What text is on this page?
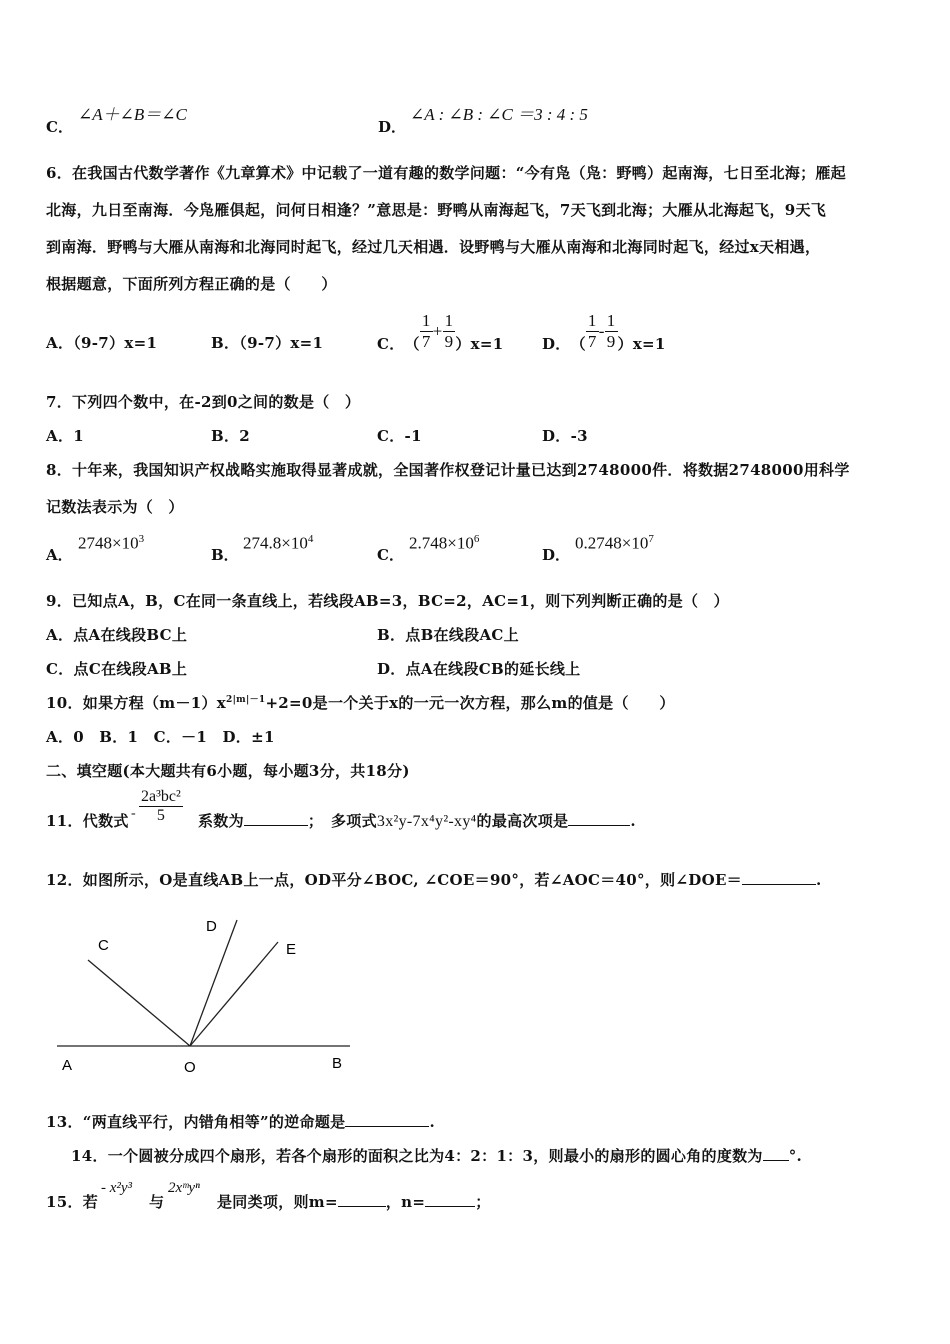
C．
∠A＋∠B＝∠C
D．
∠A : ∠B : ∠C ＝3 : 4 : 5
6．在我国古代数学著作《九章算术》中记载了一道有趣的数学问题：“今有凫（凫：野鸭）起南海，七日至北海；雁起
北海，九日至南海．今凫雁俱起，问何日相逢？”意思是：野鸭从南海起飞，7天飞到北海；大雁从北海起飞，9天飞
到南海．野鸭与大雁从南海和北海同时起飞，经过几天相遇．设野鸭与大雁从南海和北海同时起飞，经过x天相遇，
根据题意，下面所列方程正确的是（　　）
A．（9-7）x=1	B．（9-7）x=1	C．（ $\frac{1}{7} + \frac{1}{9} )x=1$	D．（ $\frac{1}{7} - \frac{1}{9} )x=1$
7．下列四个数中，在-2到0之间的数是（　）
A．1	B．2	C．-1	D．-3
8．十年来，我国知识产权战略实施取得显著成就，全国著作权登记计量已达到2748000件．将数据2748000用科学
记数法表示为（　）
A．
$2748\times 10^3$
B．
$274.8\times 10^4$
C．
$2.748\times 10^6$
D．
$0.2748\times 10^7$
9．已知点A，B，C在同一条直线上，若线段AB=3，BC=2，AC=1，则下列判断正确的是（　）
A．点A在线段BC上	B．点B在线段AC上
C．点C在线段AB上	D．点A在线段CB的延长线上
10．如果方程$(m-1)x^{2|m|-1}+2=0$是一个关于x的一元一次方程，那么m的值是（　　）
A．0　B．1　C．－1　D．±1
二、填空题(本大题共有6小题，每小题3分，共18分)
11．代数式 - $\frac{\text{2a³bc²}}{5}$ 系数为	；　多项式3x²y-7x⁴y²-xy⁴的最高次项是	.
12．如图所示，O是直线AB上一点，OD平分∠BOC, ∠COE＝90°，若∠AOC＝40°，则∠DOE＝	.
A	O	B
C
D
E
13．“两直线平行，内错角相等”的逆命题是	.
14．一个圆被分成四个扇形，若各个扇形的面积之比为4：2：1：3，则最小的扇形的圆心角的度数为 °.
15．若
- x²y³
与
2xᵐyⁿ
是同类项，则m=	，n=	；
